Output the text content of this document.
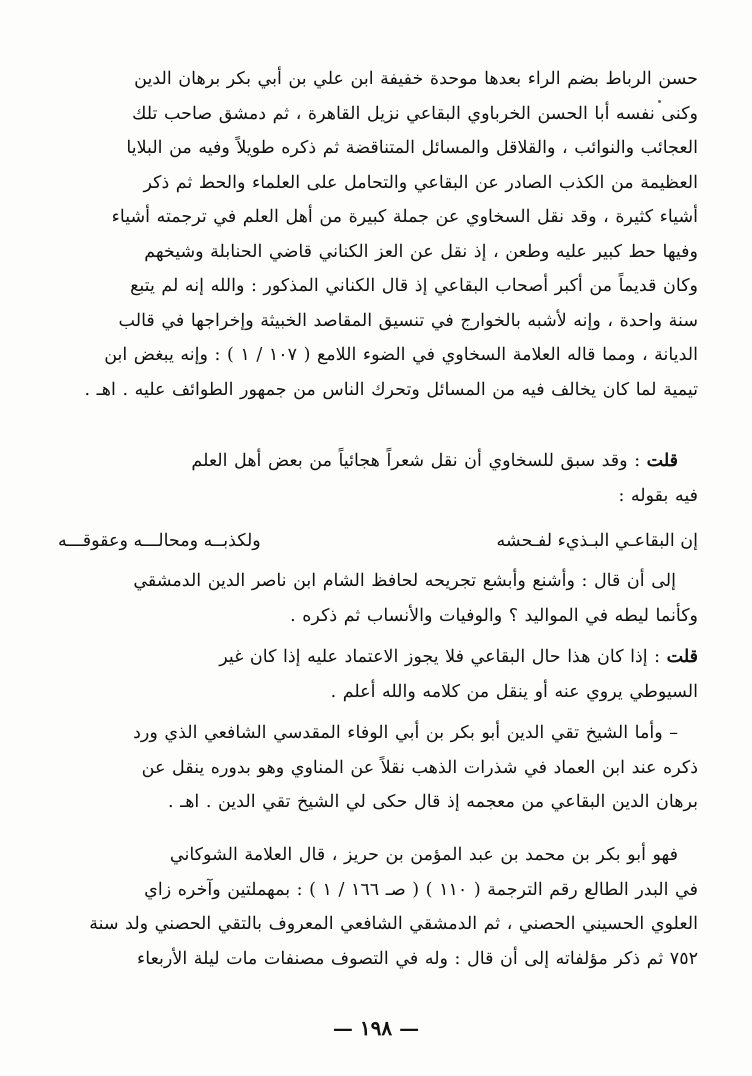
حسن الرباط بضم الراء بعدها موحدة خفيفة ابن علي بن أبي بكر برهان الدين
وكنى نفسه أبا الحسن الخرباوي البقاعي نزيل القاهرة ، ثم دمشق صاحب تلك
العجائب والنوائب ، والقلاقل والمسائل المتناقضة ثم ذكره طويلاً وفيه من البلايا
العظيمة من الكذب الصادر عن البقاعي والتحامل على العلماء والحط ثم ذكر
أشياء كثيرة ، وقد نقل السخاوي عن جملة كبيرة من أهل العلم في ترجمته أشياء
وفيها حط كبير عليه وطعن ، إذ نقل عن العز الكناني قاضي الحنابلة وشيخهم
وكان قديماً من أكبر أصحاب البقاعي إذ قال الكناني المذكور : والله إنه لم يتبع
سنة واحدة ، وإنه لأشبه بالخوارج في تنسيق المقاصد الخبيثة وإخراجها في قالب
الديانة ، ومما قاله العلامة السخاوي في الضوء اللامع ( ١٠٧ / ١ ) : وإنه يبغض ابن
تيمية لما كان يخالف فيه من المسائل وتحرك الناس من جمهور الطوائف عليه . اهـ .
قلت : وقد سبق للسخاوي أن نقل شعراً هجائياً من بعض أهل العلم
فيه بقوله :
إن البقاعـي البـذيء لفـحشه
ولكذبــه ومحالـــه وعقوقـــه
إلى أن قال : وأشنع وأبشع تجريحه لحافظ الشام ابن ناصر الدين الدمشقي
وكأنما ليطه في المواليد ؟ والوفيات والأنساب ثم ذكره .
قلت : إذا كان هذا حال البقاعي فلا يجوز الاعتماد عليه إذا كان غير
السيوطي يروي عنه أو ينقل من كلامه والله أعلم .
– وأما الشيخ تقي الدين أبو بكر بن أبي الوفاء المقدسي الشافعي الذي ورد
ذكره عند ابن العماد في شذرات الذهب نقلاً عن المناوي وهو بدوره ينقل عن
برهان الدين البقاعي من معجمه إذ قال حكى لي الشيخ تقي الدين . اهـ .
فهو أبو بكر بن محمد بن عبد المؤمن بن حريز ، قال العلامة الشوكاني
في البدر الطالع رقم الترجمة ( ١١٠ ) ( صـ ١٦٦ / ١ ) : بمهملتين وآخره زاي
العلوي الحسيني الحصني ، ثم الدمشقي الشافعي المعروف بالتقي الحصني ولد سنة
٧٥٢ ثم ذكر مؤلفاته إلى أن قال : وله في التصوف مصنفات مات ليلة الأربعاء
— ١٩٨ —
